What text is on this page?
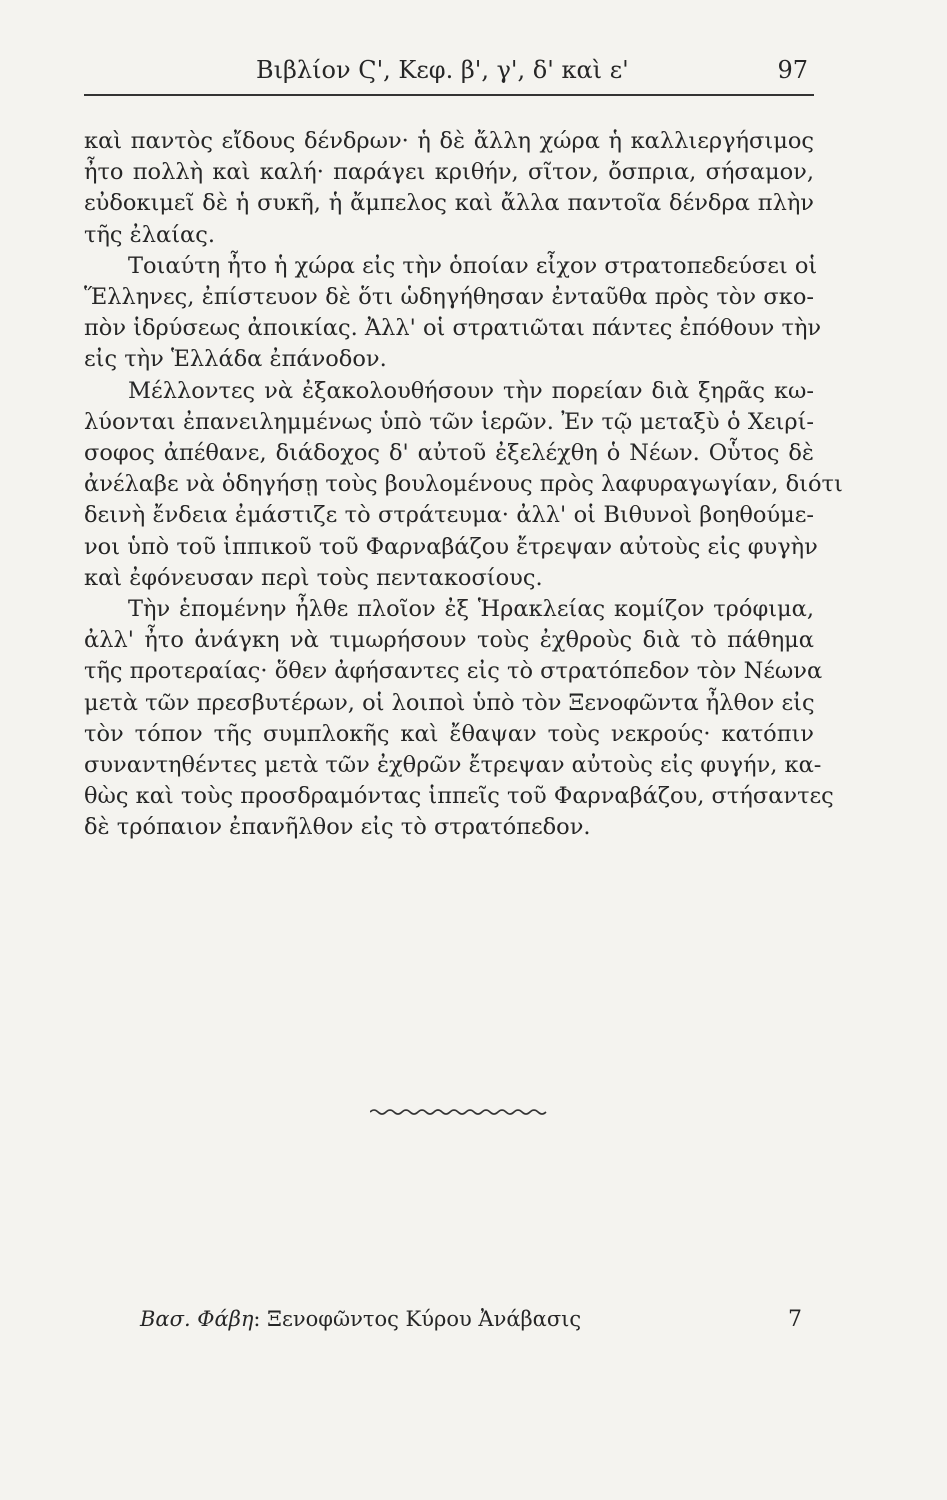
Βιβλίον Ϛ', Κεφ. β', γ', δ' καὶ ε'	97
καὶ παντὸς εἴδους δένδρων· ἡ δὲ ἄλλη χώρα ἡ καλλιεργήσιμος
ἦτο πολλὴ καὶ καλή· παράγει κριθήν, σῖτον, ὄσπρια, σήσαμον,
εὐδοκιμεῖ δὲ ἡ συκῆ, ἡ ἄμπελος καὶ ἄλλα παντοῖα δένδρα πλὴν
τῆς ἐλαίας.
Τοιαύτη ἦτο ἡ χώρα εἰς τὴν ὁποίαν εἶχον στρατοπεδεύσει οἱ
Ἕλληνες, ἐπίστευον δὲ ὅτι ὡδηγήθησαν ἐνταῦθα πρὸς τὸν σκο-
πὸν ἱδρύσεως ἀποικίας. Ἀλλ' οἱ στρατιῶται πάντες ἐπόθουν τὴν
εἰς τὴν Ἑλλάδα ἐπάνοδον.
Μέλλοντες νὰ ἐξακολουθήσουν τὴν πορείαν διὰ ξηρᾶς κω-
λύονται ἐπανειλημμένως ὑπὸ τῶν ἱερῶν. Ἐν τῷ μεταξὺ ὁ Χειρί-
σοφος ἀπέθανε, διάδοχος δ' αὐτοῦ ἐξελέχθη ὁ Νέων. Οὗτος δὲ
ἀνέλαβε νὰ ὁδηγήσῃ τοὺς βουλομένους πρὸς λαφυραγωγίαν, διότι
δεινὴ ἔνδεια ἐμάστιζε τὸ στράτευμα· ἀλλ' οἱ Βιθυνοὶ βοηθούμε-
νοι ὑπὸ τοῦ ἱππικοῦ τοῦ Φαρναβάζου ἔτρεψαν αὐτοὺς εἰς φυγὴν
καὶ ἐφόνευσαν περὶ τοὺς πεντακοσίους.
Τὴν ἑπομένην ἦλθε πλοῖον ἐξ Ἡρακλείας κομίζον τρόφιμα,
ἀλλ' ἦτο ἀνάγκη νὰ τιμωρήσουν τοὺς ἐχθροὺς διὰ τὸ πάθημα
τῆς προτεραίας· ὅθεν ἀφήσαντες εἰς τὸ στρατόπεδον τὸν Νέωνα
μετὰ τῶν πρεσβυτέρων, οἱ λοιποὶ ὑπὸ τὸν Ξενοφῶντα ἦλθον εἰς
τὸν τόπον τῆς συμπλοκῆς καὶ ἔθαψαν τοὺς νεκρούς· κατόπιν
συναντηθέντες μετὰ τῶν ἐχθρῶν ἔτρεψαν αὐτοὺς εἰς φυγήν, κα-
θὼς καὶ τοὺς προσδραμόντας ἱππεῖς τοῦ Φαρναβάζου, στήσαντες
δὲ τρόπαιον ἐπανῆλθον εἰς τὸ στρατόπεδον.
Βασ. Φάβη: Ξενοφῶντος Κύρου Ἀνάβασις	7
